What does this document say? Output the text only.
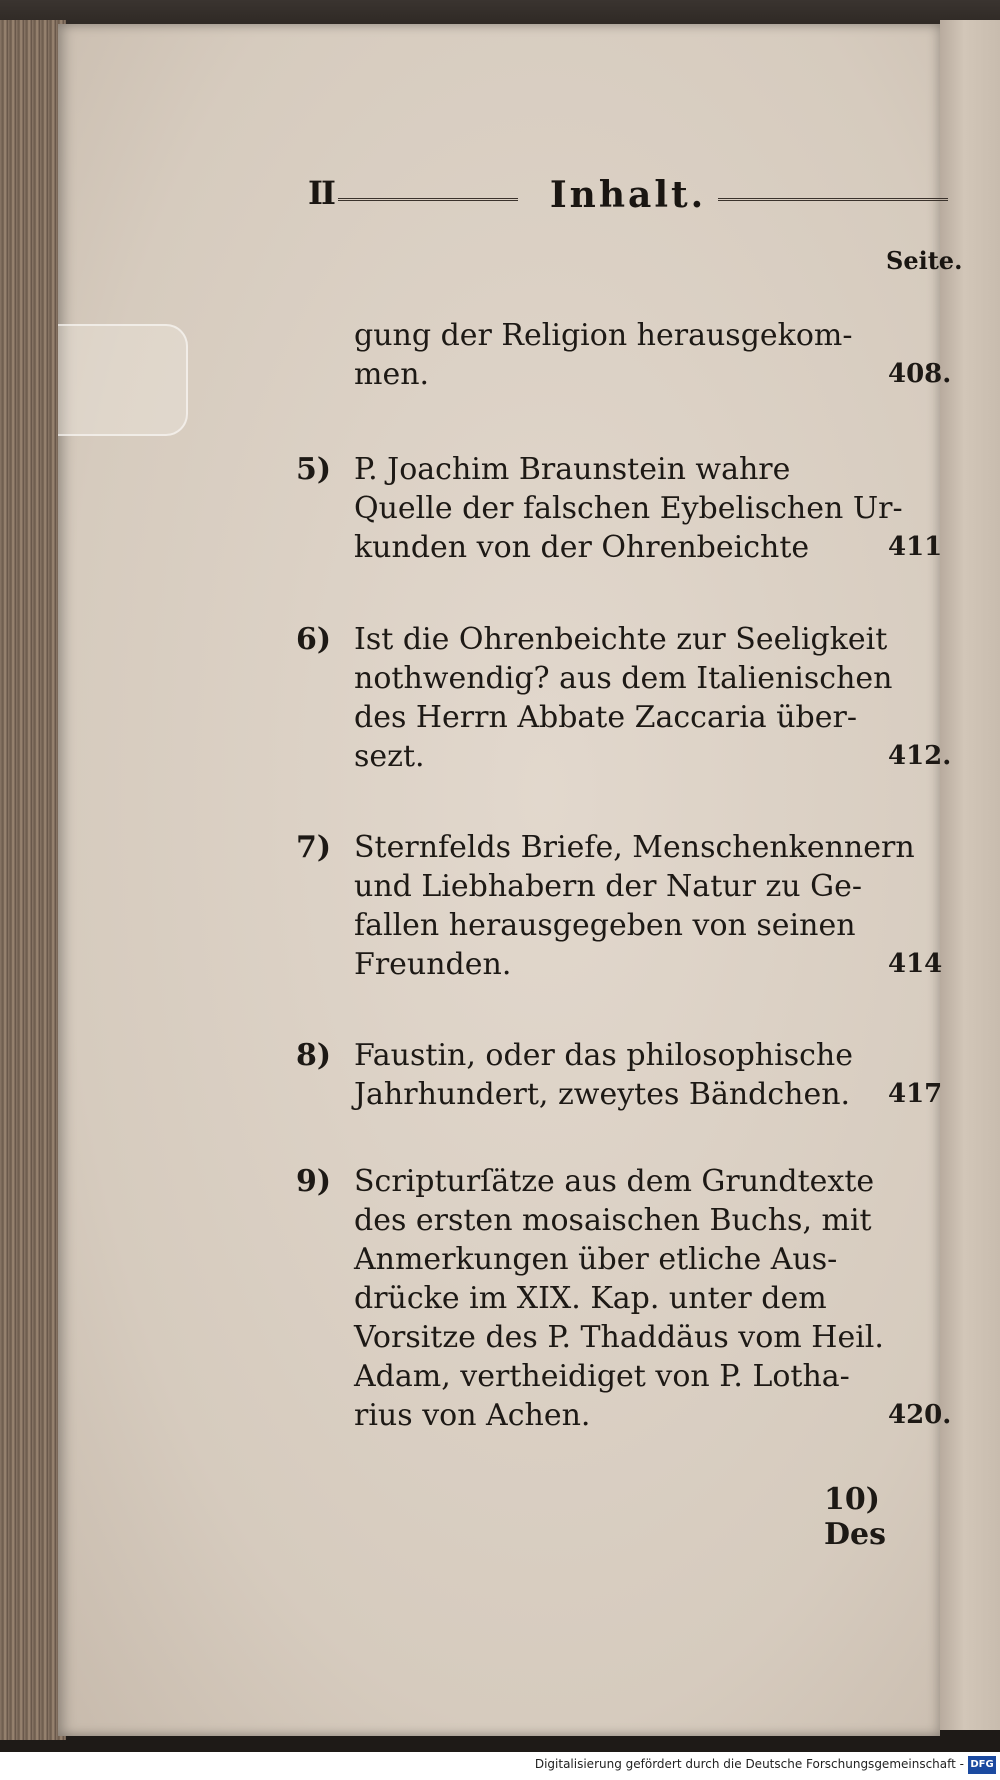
II	Inhalt.
Seite.
gung der Religion herausgekom-
men.	408.
5) P. Joachim Braunstein wahre
Quelle der falschen Eybelischen Ur-
kunden von der Ohrenbeichte	411
6) Ist die Ohrenbeichte zur Seeligkeit
nothwendig? aus dem Italienischen
des Herrn Abbate Zaccaria über-
sezt.	412.
7) Sternfelds Briefe, Menschenkennern
und Liebhabern der Natur zu Ge-
fallen herausgegeben von seinen
Freunden.	414
8) Faustin, oder das philosophische
Jahrhundert, zweytes Bändchen.	417
9) Scripturſätze aus dem Grundtexte
des ersten mosaischen Buchs, mit
Anmerkungen über etliche Aus-
drücke im XIX. Kap. unter dem
Vorsitze des P. Thaddäus vom Heil.
Adam, vertheidiget von P. Lotha-
rius von Achen.	420.
10) Des
Digitalisierung gefördert durch die Deutsche Forschungsgemeinschaft - DFG
